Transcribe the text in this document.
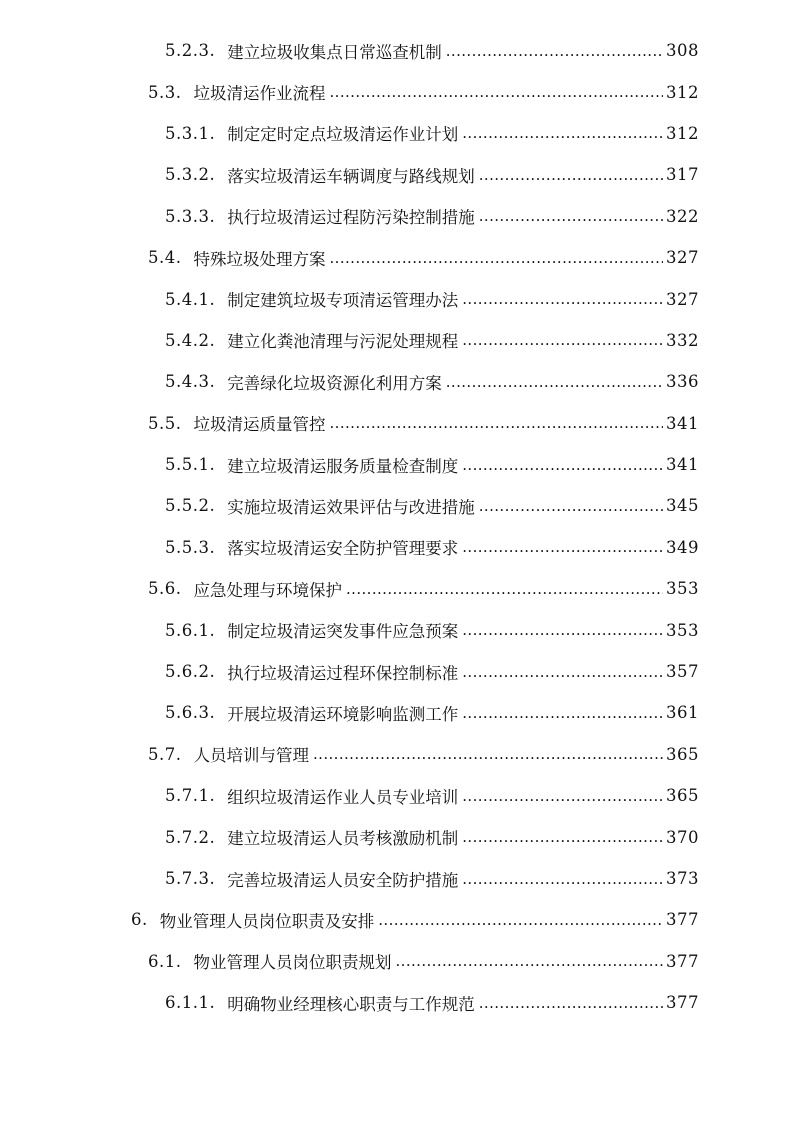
5.2.3. 建立垃圾收集点日常巡查机制 .....	308
5.3. 垃圾清运作业流程 .....	312
5.3.1. 制定定时定点垃圾清运作业计划 .....	312
5.3.2. 落实垃圾清运车辆调度与路线规划 .....	317
5.3.3. 执行垃圾清运过程防污染控制措施 .....	322
5.4. 特殊垃圾处理方案 .....	327
5.4.1. 制定建筑垃圾专项清运管理办法 .....	327
5.4.2. 建立化粪池清理与污泥处理规程 .....	332
5.4.3. 完善绿化垃圾资源化利用方案 .....	336
5.5. 垃圾清运质量管控 .....	341
5.5.1. 建立垃圾清运服务质量检查制度 .....	341
5.5.2. 实施垃圾清运效果评估与改进措施 .....	345
5.5.3. 落实垃圾清运安全防护管理要求 .....	349
5.6. 应急处理与环境保护 .....	353
5.6.1. 制定垃圾清运突发事件应急预案 .....	353
5.6.2. 执行垃圾清运过程环保控制标准 .....	357
5.6.3. 开展垃圾清运环境影响监测工作 .....	361
5.7. 人员培训与管理 .....	365
5.7.1. 组织垃圾清运作业人员专业培训 .....	365
5.7.2. 建立垃圾清运人员考核激励机制 .....	370
5.7.3. 完善垃圾清运人员安全防护措施 .....	373
6. 物业管理人员岗位职责及安排 .....	377
6.1. 物业管理人员岗位职责规划 .....	377
6.1.1. 明确物业经理核心职责与工作规范 .....	377
